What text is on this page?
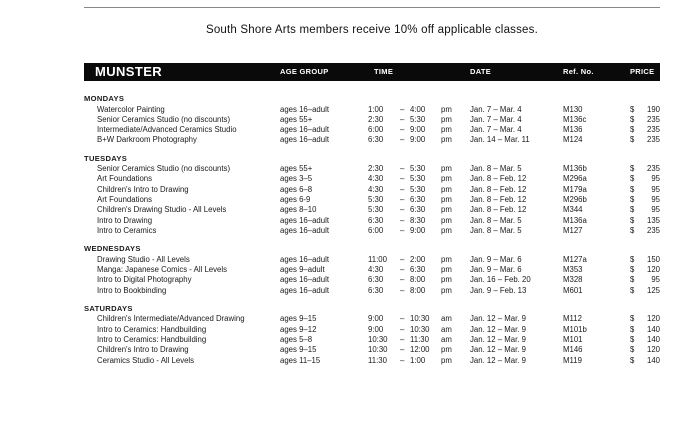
South Shore Arts members receive 10% off applicable classes.
MUNSTER	AGE GROUP	TIME	DATE	Ref. No.	PRICE
MONDAYS
Watercolor Painting	ages 16–adult	1:00 – 4:00 pm Jan. 7 – Mar. 4	M130	$ 190
Senior Ceramics Studio (no discounts)	ages 55+	2:30 – 5:30 pm Jan. 7 – Mar. 4	M136c	$ 235
Intermediate/Advanced Ceramics Studio	ages 16–adult	6:00 – 9:00 pm Jan. 7 – Mar. 4	M136	$ 235
B+W Darkroom Photography	ages 16–adult	6:30 – 9:00 pm Jan. 14 – Mar. 11	M124	$ 235
TUESDAYS
Senior Ceramics Studio (no discounts)	ages 55+	2:30 – 5:30 pm Jan. 8 – Mar. 5	M136b	$ 235
Art Foundations	ages 3–5	4:30 – 5:30 pm Jan. 8 – Feb. 12	M296a	$ 95
Children's Intro to Drawing	ages 6–8	4:30 – 5:30 pm Jan. 8 – Feb. 12	M179a	$ 95
Art Foundations	ages 6-9	5:30 – 6:30 pm Jan. 8 – Feb. 12	M296b	$ 95
Children's Drawing Studio - All Levels	ages 8–10	5:30 – 6:30 pm Jan. 8 – Feb. 12	M344	$ 95
Intro to Drawing	ages 16–adult	6:30 – 8:30 pm Jan. 8 – Mar. 5	M136a	$ 135
Intro to Ceramics	ages 16–adult	6:00 – 9:00 pm Jan. 8 – Mar. 5	M127	$ 235
WEDNESDAYS
Drawing Studio - All Levels	ages 16–adult	11:00 – 2:00 pm Jan. 9 – Mar. 6	M127a	$ 150
Manga: Japanese Comics - All Levels	ages 9–adult	4:30 – 6:30 pm Jan. 9 – Mar. 6	M353	$ 120
Intro to Digital Photography	ages 16–adult	6:30 – 8:00 pm Jan. 16 – Feb. 20	M328	$ 95
Intro to Bookbinding	ages 16–adult	6:30 – 8:00 pm Jan. 9 – Feb. 13	M601	$ 125
SATURDAYS
Children's Intermediate/Advanced Drawing	ages 9–15	9:00 – 10:30 am Jan. 12 – Mar. 9	M112	$ 120
Intro to Ceramics: Handbuilding	ages 9–12	9:00 – 10:30 am Jan. 12 – Mar. 9	M101b	$ 140
Intro to Ceramics: Handbuilding	ages 5–8	10:30 – 11:30 am Jan. 12 – Mar. 9	M101	$ 140
Children's Intro to Drawing	ages 9–15	10:30 – 12:00 pm Jan. 12 – Mar. 9	M146	$ 120
Ceramics Studio - All Levels	ages 11–15	11:30 – 1:00 pm Jan. 12 – Mar. 9	M119	$ 140
